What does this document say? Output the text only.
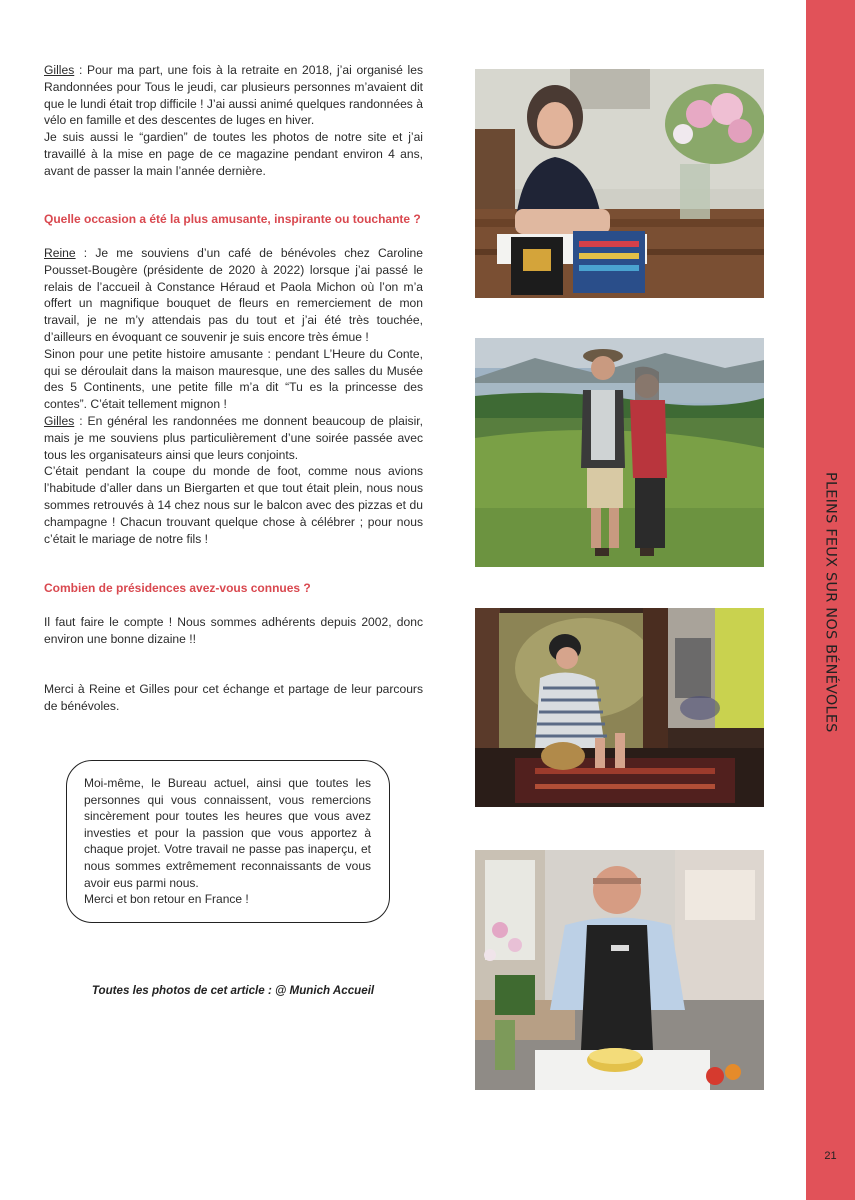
PLEINS FEUX SUR NOS BÉNÉVOLES
21

Gilles : Pour ma part, une fois à la retraite en 2018, j’ai organisé les Randonnées pour Tous le jeudi, car plusieurs personnes m’avaient dit que le lundi était trop difficile ! J’ai aussi animé quelques randonnées à vélo en famille et des descentes de luges en hiver.

Je suis aussi le “gardien” de toutes les photos de notre site et j’ai travaillé à la mise en page de ce magazine pendant environ 4 ans, avant de passer la main l’année dernière.

Quelle occasion a été la plus amusante, inspirante ou touchante ?

Reine : Je me souviens d’un café de bénévoles chez Caroline Pousset-Bougère (présidente de 2020 à 2022) lorsque j’ai passé le relais de l’accueil à Constance Héraud et Paola Michon où l’on m’a offert un magnifique bouquet de fleurs en remerciement de mon travail, je ne m’y attendais pas du tout et j’ai été très touchée, d’ailleurs en évoquant ce souvenir je suis encore très émue !

Sinon pour une petite histoire amusante : pendant L’Heure du Conte, qui se déroulait dans la maison mauresque, une des salles du Musée des 5 Continents, une petite fille m’a dit “Tu es la princesse des contes”. C’était tellement mignon !

Gilles : En général les randonnées me donnent beaucoup de plaisir, mais je me souviens plus particulièrement d’une soirée passée avec tous les organisateurs ainsi que leurs conjoints.

C’était pendant la coupe du monde de foot, comme nous avions l’habitude d’aller dans un Biergarten et que tout était plein, nous nous sommes retrouvés à 14 chez nous sur le balcon avec des pizzas et du champagne ! Chacun trouvant quelque chose à célébrer ; pour nous c’était le mariage de notre fils !

Combien de présidences avez-vous connues ?

Il faut faire le compte ! Nous sommes adhérents depuis 2002, donc environ une bonne dizaine !!

Merci à Reine et Gilles pour cet échange et partage de leur parcours de bénévoles.

Moi-même, le Bureau actuel, ainsi que toutes les personnes qui vous connaissent, vous remercions sincèrement pour toutes les heures que vous avez investies et pour la passion que vous apportez à chaque projet. Votre travail ne passe pas inaperçu, et nous sommes extrêmement reconnaissants de vous avoir eus parmi nous.

Merci et bon retour en France !

Toutes les photos de cet article : @ Munich Accueil
